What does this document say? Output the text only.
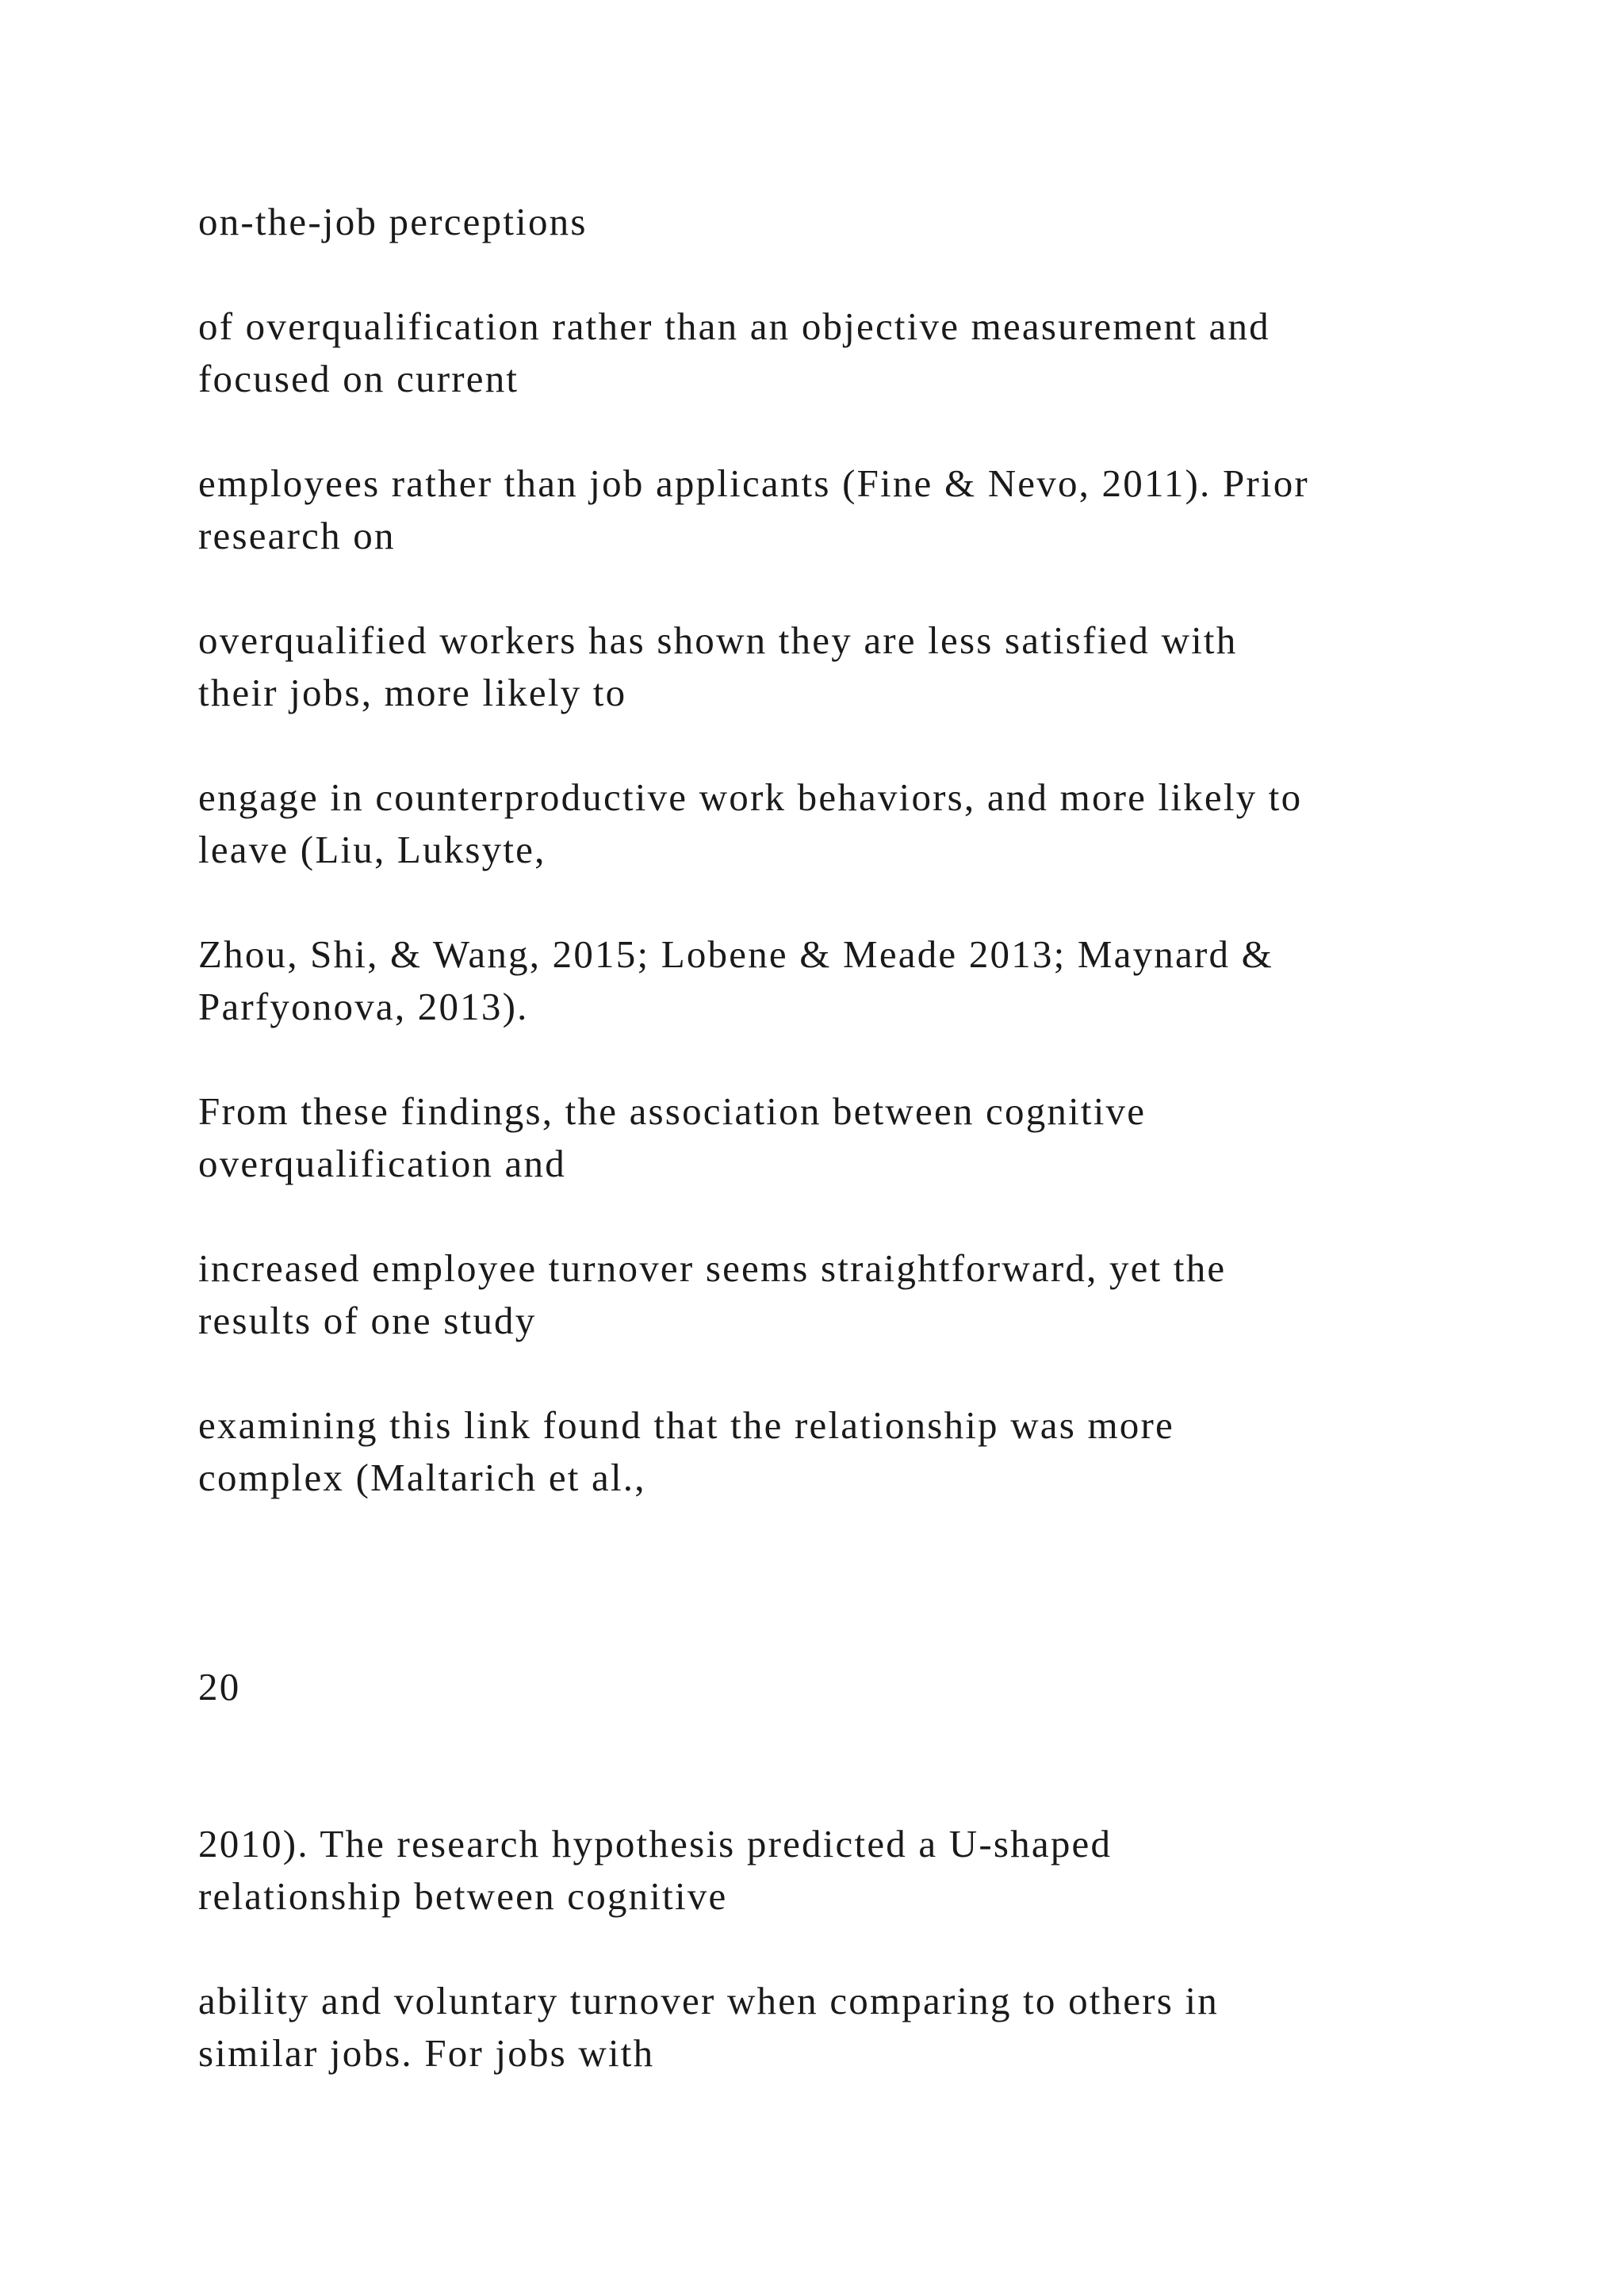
on-the-job perceptions

of overqualification rather than an objective measurement and

focused on current

employees rather than job applicants (Fine & Nevo, 2011). Prior

research on

overqualified workers has shown they are less satisfied with

their jobs, more likely to

engage in counterproductive work behaviors, and more likely to

leave (Liu, Luksyte,

Zhou, Shi, & Wang, 2015; Lobene & Meade 2013; Maynard &

Parfyonova, 2013).

From these findings, the association between cognitive

overqualification and

increased employee turnover seems straightforward, yet the

results of one study

examining this link found that the relationship was more

complex (Maltarich et al.,

20

2010). The research hypothesis predicted a U-shaped

relationship between cognitive

ability and voluntary turnover when comparing to others in

similar jobs. For jobs with
